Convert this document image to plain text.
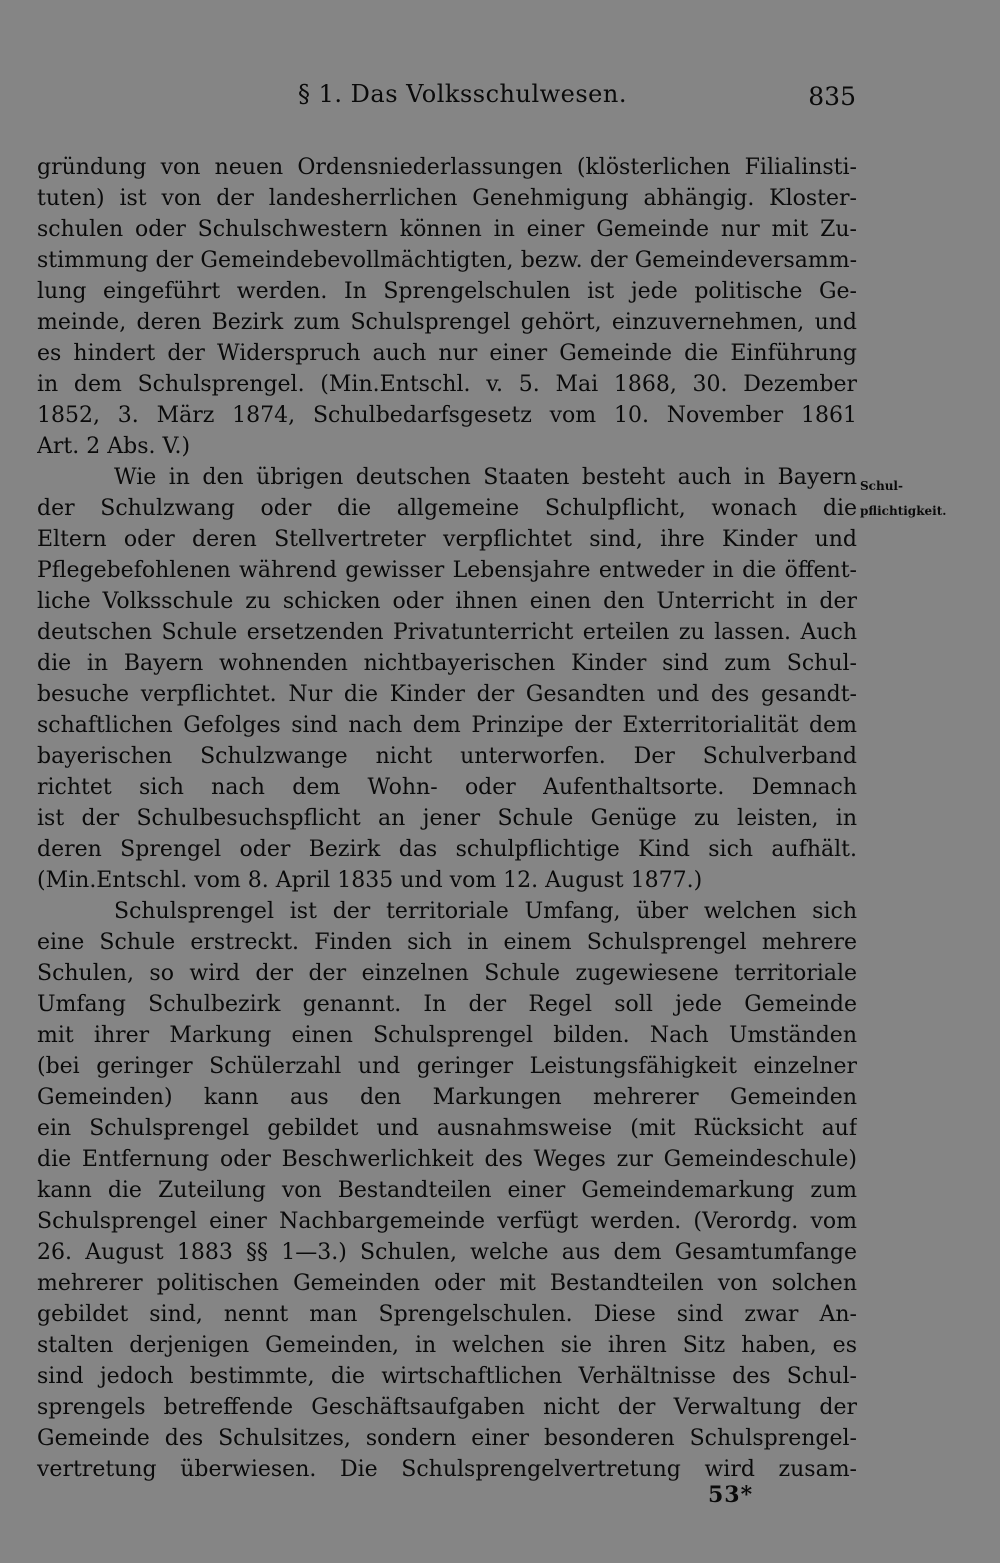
§ 1. Das Volksschulwesen.	835
gründung von neuen Ordensniederlassungen (klösterlichen Filialinsti-
tuten) ist von der landesherrlichen Genehmigung abhängig. Kloster-
schulen oder Schulschwestern können in einer Gemeinde nur mit Zu-
stimmung der Gemeindebevollmächtigten, bezw. der Gemeindeversamm-
lung eingeführt werden. In Sprengelschulen ist jede politische Ge-
meinde, deren Bezirk zum Schulsprengel gehört, einzuvernehmen, und
es hindert der Widerspruch auch nur einer Gemeinde die Einführung
in dem Schulsprengel. (Min.Entschl. v. 5. Mai 1868, 30. Dezember
1852, 3. März 1874, Schulbedarfsgesetz vom 10. November 1861
Art. 2 Abs. V.)
Wie in den übrigen deutschen Staaten besteht auch in Bayern
der Schulzwang oder die allgemeine Schulpflicht, wonach die
Eltern oder deren Stellvertreter verpflichtet sind, ihre Kinder und
Pflegebefohlenen während gewisser Lebensjahre entweder in die öffent-
liche Volksschule zu schicken oder ihnen einen den Unterricht in der
deutschen Schule ersetzenden Privatunterricht erteilen zu lassen. Auch
die in Bayern wohnenden nichtbayerischen Kinder sind zum Schul-
besuche verpflichtet. Nur die Kinder der Gesandten und des gesandt-
schaftlichen Gefolges sind nach dem Prinzipe der Exterritorialität dem
bayerischen Schulzwange nicht unterworfen. Der Schulverband
richtet sich nach dem Wohn- oder Aufenthaltsorte. Demnach
ist der Schulbesuchspflicht an jener Schule Genüge zu leisten, in
deren Sprengel oder Bezirk das schulpflichtige Kind sich aufhält.
(Min.Entschl. vom 8. April 1835 und vom 12. August 1877.)
Schulsprengel ist der territoriale Umfang, über welchen sich
eine Schule erstreckt. Finden sich in einem Schulsprengel mehrere
Schulen, so wird der der einzelnen Schule zugewiesene territoriale
Umfang Schulbezirk genannt. In der Regel soll jede Gemeinde
mit ihrer Markung einen Schulsprengel bilden. Nach Umständen
(bei geringer Schülerzahl und geringer Leistungsfähigkeit einzelner
Gemeinden) kann aus den Markungen mehrerer Gemeinden
ein Schulsprengel gebildet und ausnahmsweise (mit Rücksicht auf
die Entfernung oder Beschwerlichkeit des Weges zur Gemeindeschule)
kann die Zuteilung von Bestandteilen einer Gemeindemarkung zum
Schulsprengel einer Nachbargemeinde verfügt werden. (Verordg. vom
26. August 1883 §§ 1—3.) Schulen, welche aus dem Gesamtumfange
mehrerer politischen Gemeinden oder mit Bestandteilen von solchen
gebildet sind, nennt man Sprengelschulen. Diese sind zwar An-
stalten derjenigen Gemeinden, in welchen sie ihren Sitz haben, es
sind jedoch bestimmte, die wirtschaftlichen Verhältnisse des Schul-
sprengels betreffende Geschäftsaufgaben nicht der Verwaltung der
Gemeinde des Schulsitzes, sondern einer besonderen Schulsprengel-
vertretung überwiesen. Die Schulsprengelvertretung wird zusam-
Schul-
pflichtigkeit.
53*
